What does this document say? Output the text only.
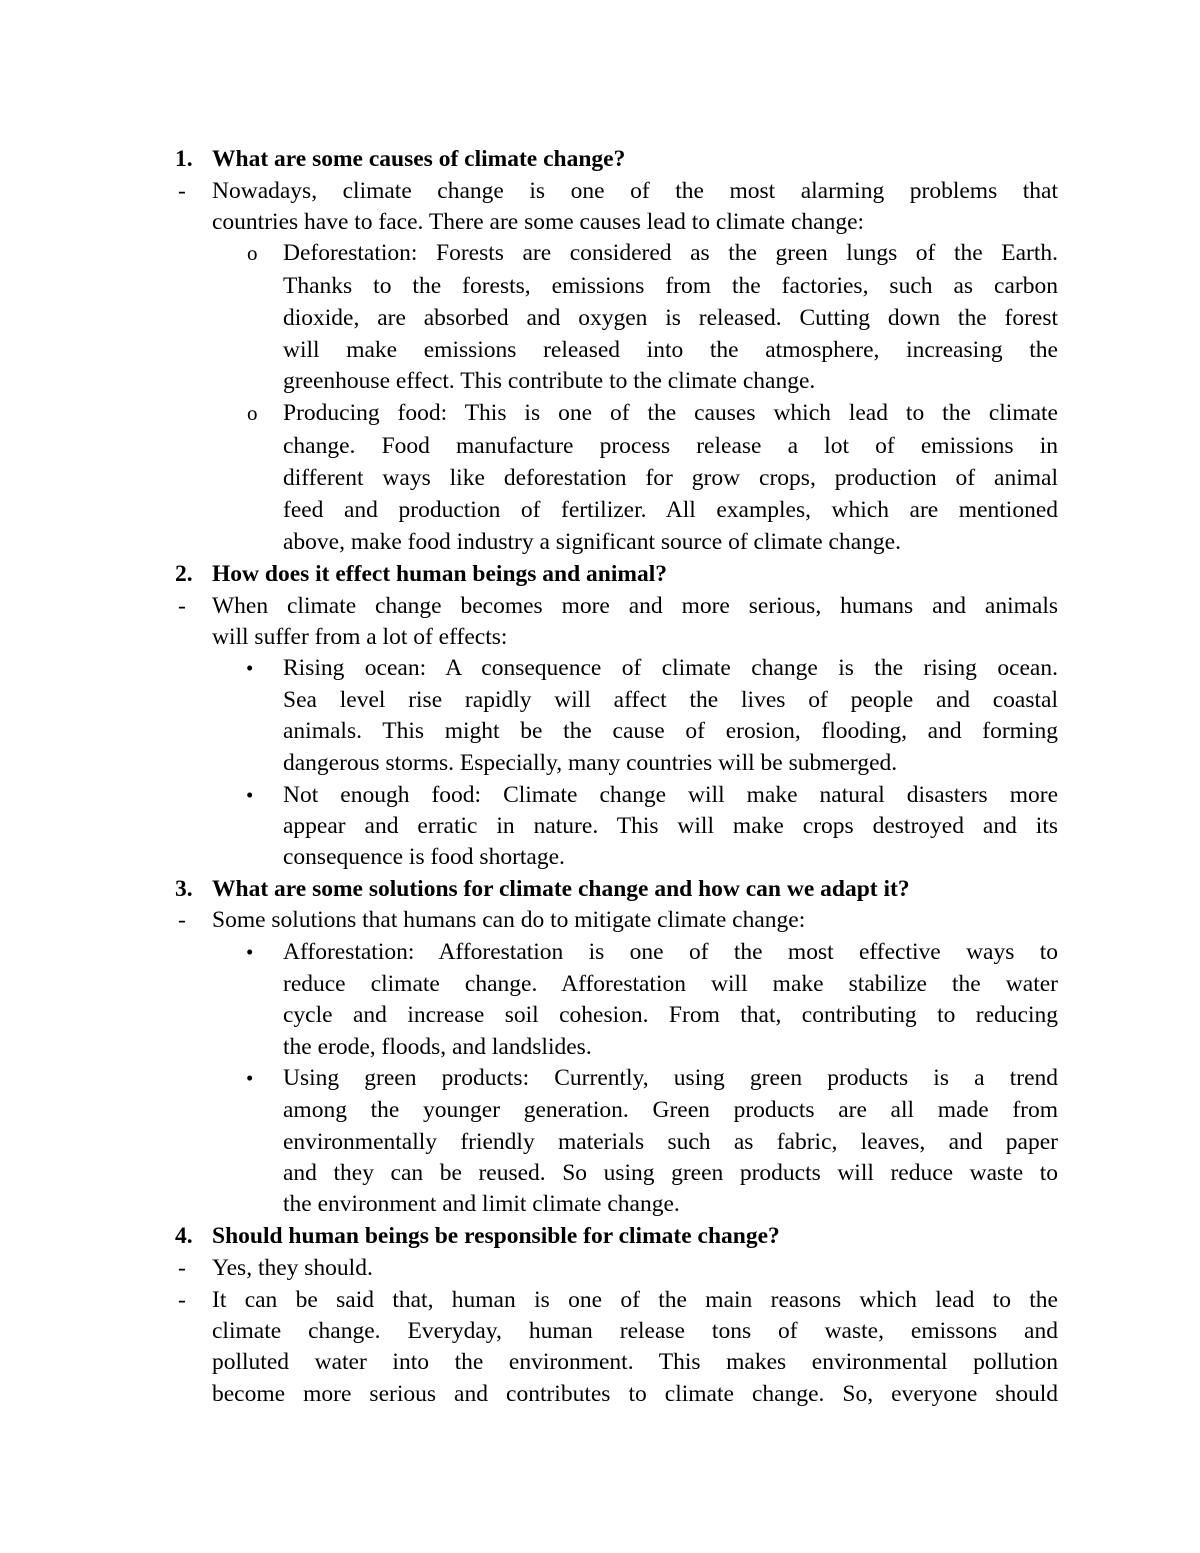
1. What are some causes of climate change?
- Nowadays, climate change is one of the most alarming problems that
countries have to face. There are some causes lead to climate change:
o Deforestation: Forests are considered as the green lungs of the Earth.
Thanks to the forests, emissions from the factories, such as carbon
dioxide, are absorbed and oxygen is released. Cutting down the forest
will make emissions released into the atmosphere, increasing the
greenhouse effect. This contribute to the climate change.
o Producing food: This is one of the causes which lead to the climate
change. Food manufacture process release a lot of emissions in
different ways like deforestation for grow crops, production of animal
feed and production of fertilizer. All examples, which are mentioned
above, make food industry a significant source of climate change.
2. How does it effect human beings and animal?
- When climate change becomes more and more serious, humans and animals
will suffer from a lot of effects:
• Rising ocean: A consequence of climate change is the rising ocean.
Sea level rise rapidly will affect the lives of people and coastal
animals. This might be the cause of erosion, flooding, and forming
dangerous storms. Especially, many countries will be submerged.
• Not enough food: Climate change will make natural disasters more
appear and erratic in nature. This will make crops destroyed and its
consequence is food shortage.
3. What are some solutions for climate change and how can we adapt it?
- Some solutions that humans can do to mitigate climate change:
• Afforestation: Afforestation is one of the most effective ways to
reduce climate change. Afforestation will make stabilize the water
cycle and increase soil cohesion. From that, contributing to reducing
the erode, floods, and landslides.
• Using green products: Currently, using green products is a trend
among the younger generation. Green products are all made from
environmentally friendly materials such as fabric, leaves, and paper
and they can be reused. So using green products will reduce waste to
the environment and limit climate change.
4. Should human beings be responsible for climate change?
- Yes, they should.
- It can be said that, human is one of the main reasons which lead to the
climate change. Everyday, human release tons of waste, emissons and
polluted water into the environment. This makes environmental pollution
become more serious and contributes to climate change. So, everyone should
